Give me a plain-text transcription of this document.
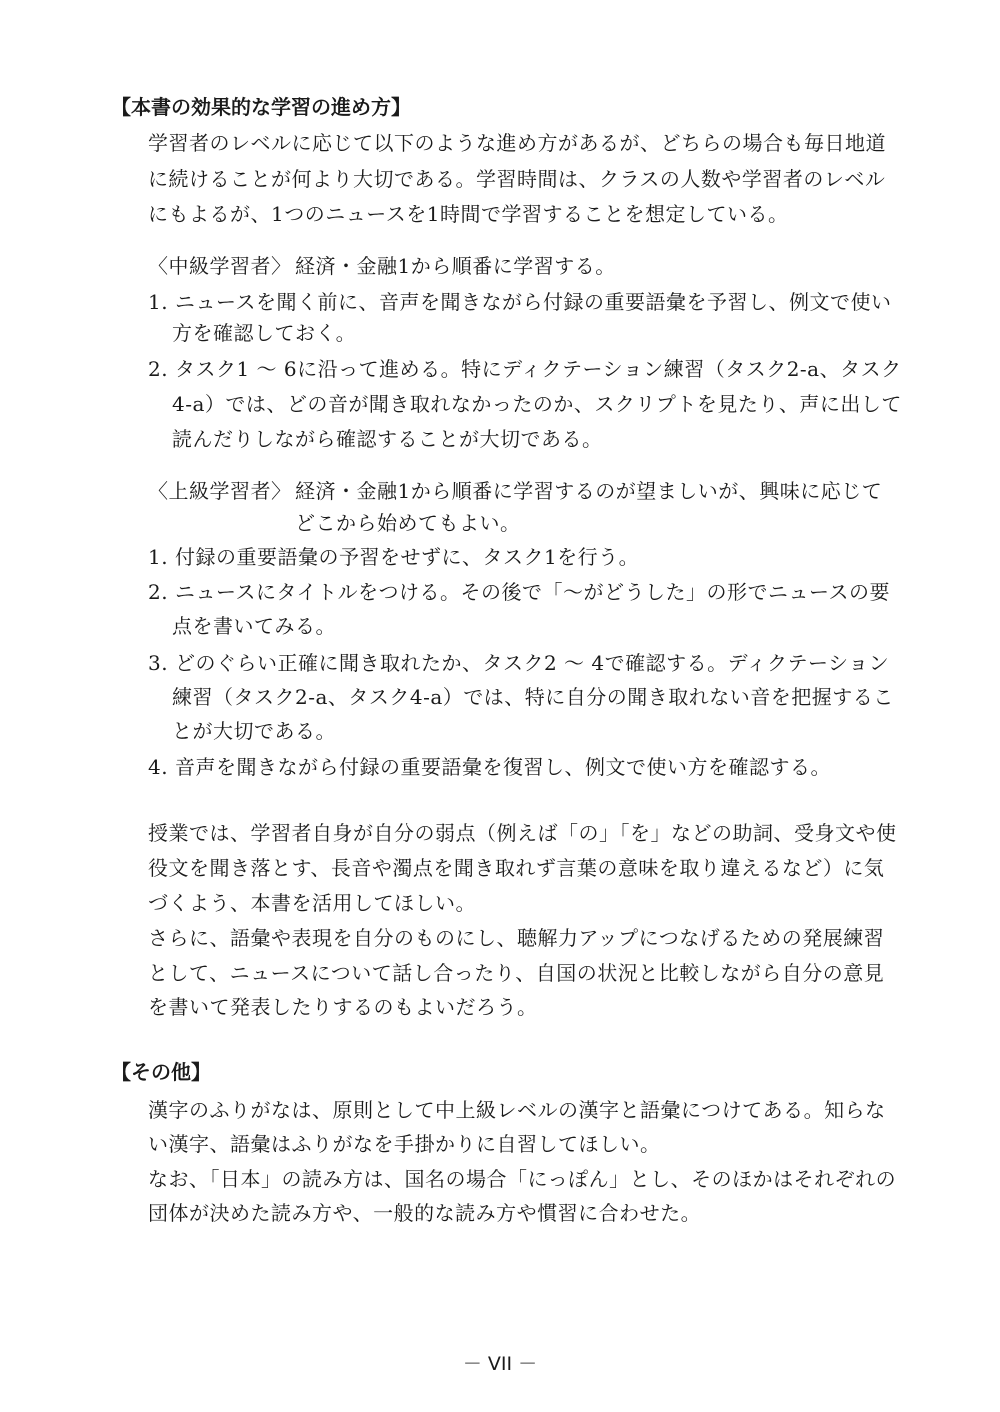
【本書の効果的な学習の進め方】
学習者のレベルに応じて以下のような進め方があるが、どちらの場合も毎日地道
に続けることが何より大切である。学習時間は、クラスの人数や学習者のレベル
にもよるが、1つのニュースを1時間で学習することを想定している。
〈中級学習者〉 経済・金融1から順番に学習する。
1. ニュースを聞く前に、音声を聞きながら付録の重要語彙を予習し、例文で使い
方を確認しておく。
2. タスク1 ～ 6に沿って進める。特にディクテーション練習（タスク2-a、タスク
4-a）では、どの音が聞き取れなかったのか、スクリプトを見たり、声に出して
読んだりしながら確認することが大切である。
〈上級学習者〉 経済・金融1から順番に学習するのが望ましいが、興味に応じて
どこから始めてもよい。
1. 付録の重要語彙の予習をせずに、タスク1を行う。
2. ニュースにタイトルをつける。その後で「～がどうした」の形でニュースの要
点を書いてみる。
3. どのぐらい正確に聞き取れたか、タスク2 ～ 4で確認する。ディクテーション
練習（タスク2-a、タスク4-a）では、特に自分の聞き取れない音を把握するこ
とが大切である。
4. 音声を聞きながら付録の重要語彙を復習し、例文で使い方を確認する。
授業では、学習者自身が自分の弱点（例えば「の」「を」などの助詞、受身文や使
役文を聞き落とす、長音や濁点を聞き取れず言葉の意味を取り違えるなど）に気
づくよう、本書を活用してほしい。
さらに、語彙や表現を自分のものにし、聴解力アップにつなげるための発展練習
として、ニュースについて話し合ったり、自国の状況と比較しながら自分の意見
を書いて発表したりするのもよいだろう。
【その他】
漢字のふりがなは、原則として中上級レベルの漢字と語彙につけてある。知らな
い漢字、語彙はふりがなを手掛かりに自習してほしい。
なお、「日本」の読み方は、国名の場合「にっぽん」とし、そのほかはそれぞれの
団体が決めた読み方や、一般的な読み方や慣習に合わせた。
－ VII －
